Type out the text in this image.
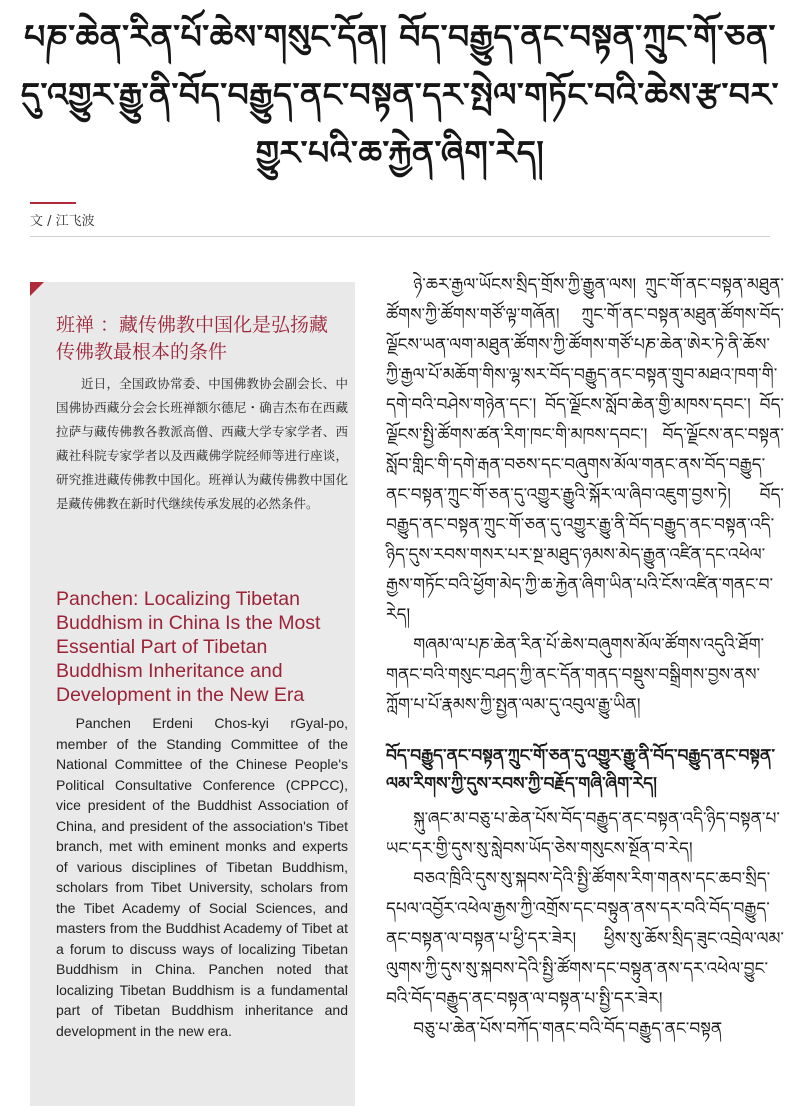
པཎ་ཆེན་རིན་པོ་ཆེས་གསུང་དོན། བོད་བརྒྱུད་ནང་བསྟན་ཀྲུང་གོ་ཅན་དུ་འགྱུར་རྒྱུ་ནི་བོད་བརྒྱུད་ནང་བསྟན་དར་སྤེལ་གཏོང་བའི་ཆེས་རྩ་བར་གྱུར་པའི་ཆ་རྐྱེན་ཞིག་རེད།
文 / 江飞波
班禅 ：藏传佛教中国化是弘扬藏传佛教最根本的条件
近日，全国政协常委、中国佛教协会副会长、中国佛协西藏分会会长班禅额尔德尼・确吉杰布在西藏拉萨与藏传佛教各教派高僧、西藏大学专家学者、西藏社科院专家学者以及西藏佛学院经师等进行座谈，研究推进藏传佛教中国化。班禅认为藏传佛教中国化是藏传佛教在新时代继续传承发展的必然条件。
Panchen: Localizing Tibetan Buddhism in China Is the Most Essential Part of Tibetan Buddhism Inheritance and Development in the New Era
Panchen Erdeni Chos-kyi rGyal-po, member of the Standing Committee of the National Committee of the Chinese People's Political Consultative Conference (CPPCC), vice president of the Buddhist Association of China, and president of the association's Tibet branch, met with eminent monks and experts of various disciplines of Tibetan Buddhism, scholars from Tibet University, scholars from the Tibet Academy of Social Sciences, and masters from the Buddhist Academy of Tibet at a forum to discuss ways of localizing Tibetan Buddhism in China. Panchen noted that localizing Tibetan Buddhism is a fundamental part of Tibetan Buddhism inheritance and development in the new era.

ཉེ་ཆར་རྒྱལ་ཡོངས་སྲིད་གྲོས་ཀྱི་རྒྱུན་ལས། ཀྲུང་གོ་ནང་བསྟན་མཐུན་ཚོགས་ཀྱི་ཚོགས་གཙོ་ལྟ་གཞོན། ཀྲུང་གོ་ནང་བསྟན་མཐུན་ཚོགས་བོད་ལྗོངས་ཡན་ལག་མཐུན་ཚོགས་ཀྱི་ཚོགས་གཙོ་པཎ་ཆེན་ཨེར་ཏེ་ནི་ཆོས་ཀྱི་རྒྱལ་པོ་མཆོག་གིས་ལྷ་སར་བོད་བརྒྱུད་ནང་བསྟན་གྲུབ་མཐའ་ཁག་གི་དགེ་བའི་བཤེས་གཉེན་དང་། བོད་ལྗོངས་སློབ་ཆེན་གྱི་མཁས་དབང་། བོད་ལྗོངས་སྤྱི་ཚོགས་ཚན་རིག་ཁང་གི་མཁས་དབང་། བོད་ལྗོངས་ནང་བསྟན་སློབ་གླིང་གི་དགེ་རྒན་བཅས་དང་བཞུགས་མོལ་གནང་ནས་བོད་བརྒྱུད་ནང་བསྟན་ཀྲུང་གོ་ཅན་དུ་འགྱུར་རྒྱུའི་སྐོར་ལ་ཞིབ་འཇུག་བྱས་ཏེ། བོད་བརྒྱུད་ནང་བསྟན་ཀྲུང་གོ་ཅན་དུ་འགྱུར་རྒྱུ་ནི་བོད་བརྒྱུད་ནང་བསྟན་འདི་ཉིད་དུས་རབས་གསར་པར་སྔ་མཐུད་ཉམས་མེད་རྒྱུན་འཛིན་དང་འཕེལ་རྒྱས་གཏོང་བའི་ཕྱོག་མེད་ཀྱི་ཆ་རྐྱེན་ཞིག་ཡིན་པའི་ངོས་འཛིན་གནང་བ་རེད།

གཞམ་ལ་པཎ་ཆེན་རིན་པོ་ཆེས་བཞུགས་མོལ་ཚོགས་འདུའི་ཐོག་གནང་བའི་གསུང་བཤད་ཀྱི་ནང་དོན་གནད་བསྡུས་བསྒྲིགས་བྱས་ནས་ཀློག་པ་པོ་རྣམས་ཀྱི་སྤྱན་ལམ་དུ་འབུལ་རྒྱུ་ཡིན།

བོད་བརྒྱུད་ནང་བསྟན་ཀྲུང་གོ་ཅན་དུ་འགྱུར་རྒྱུ་ནི་བོད་བརྒྱུད་ནང་བསྟན་ལམ་རིགས་ཀྱི་དུས་རབས་ཀྱི་བརྗོད་གཞི་ཞིག་རེད།

སྐུ་ཞང་མ་བཅུ་པ་ཆེན་པོས་བོད་བརྒྱུད་ནང་བསྟན་འདི་ཉིད་བསྟན་པ་ཡང་དར་གྱི་དུས་སུ་སླེབས་ཡོད་ཅེས་གསུངས་སྔོན་བ་རེད།

བཅའ་ཁྲིའི་དུས་སུ་སྐབས་དེའི་སྤྱི་ཚོགས་རིག་གནས་དང་ཆབ་སྲིད་དཔལ་འབྱོར་འཕེལ་རྒྱས་ཀྱི་འགྲོས་དང་བསྟུན་ནས་དར་བའི་བོད་བརྒྱུད་ནང་བསྟན་ལ་བསྟན་པ་ཕྱི་དར་ཟེར། ཕྱིས་སུ་ཆོས་སྲིད་ཟུང་འབྲེལ་ལམ་ལུགས་ཀྱི་དུས་སུ་སྐབས་དེའི་སྤྱི་ཚོགས་དང་བསྟུན་ནས་དར་འཕེལ་བྱུང་བའི་བོད་བརྒྱུད་ནང་བསྟན་ལ་བསྟན་པ་སྤྱི་དར་ཟེར།

བཅུ་པ་ཆེན་པོས་བཀོད་གནང་བའི་བོད་བརྒྱུད་ནང་བསྟན
